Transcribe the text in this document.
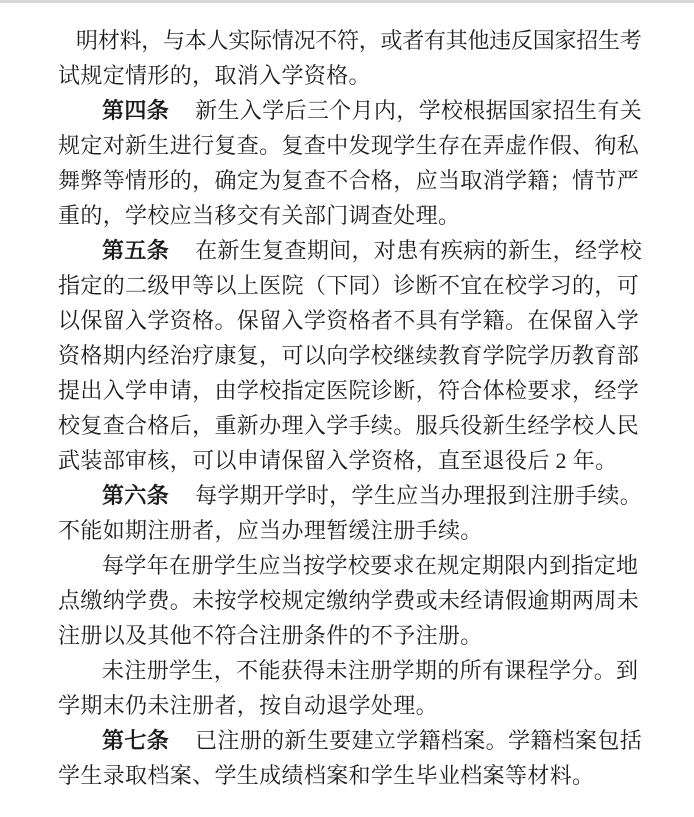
明材料，与本人实际情况不符，或者有其他违反国家招生考
试规定情形的，取消入学资格。
第四条 新生入学后三个月内，学校根据国家招生有关
规定对新生进行复查。复查中发现学生存在弄虚作假、徇私
舞弊等情形的，确定为复查不合格，应当取消学籍；情节严
重的，学校应当移交有关部门调查处理。
第五条 在新生复查期间，对患有疾病的新生，经学校
指定的二级甲等以上医院（下同）诊断不宜在校学习的，可
以保留入学资格。保留入学资格者不具有学籍。在保留入学
资格期内经治疗康复，可以向学校继续教育学院学历教育部
提出入学申请，由学校指定医院诊断，符合体检要求，经学
校复查合格后，重新办理入学手续。服兵役新生经学校人民
武装部审核，可以申请保留入学资格，直至退役后 2 年。
第六条 每学期开学时，学生应当办理报到注册手续。
不能如期注册者，应当办理暂缓注册手续。
每学年在册学生应当按学校要求在规定期限内到指定地
点缴纳学费。未按学校规定缴纳学费或未经请假逾期两周未
注册以及其他不符合注册条件的不予注册。
未注册学生，不能获得未注册学期的所有课程学分。到
学期末仍未注册者，按自动退学处理。
第七条 已注册的新生要建立学籍档案。学籍档案包括
学生录取档案、学生成绩档案和学生毕业档案等材料。
